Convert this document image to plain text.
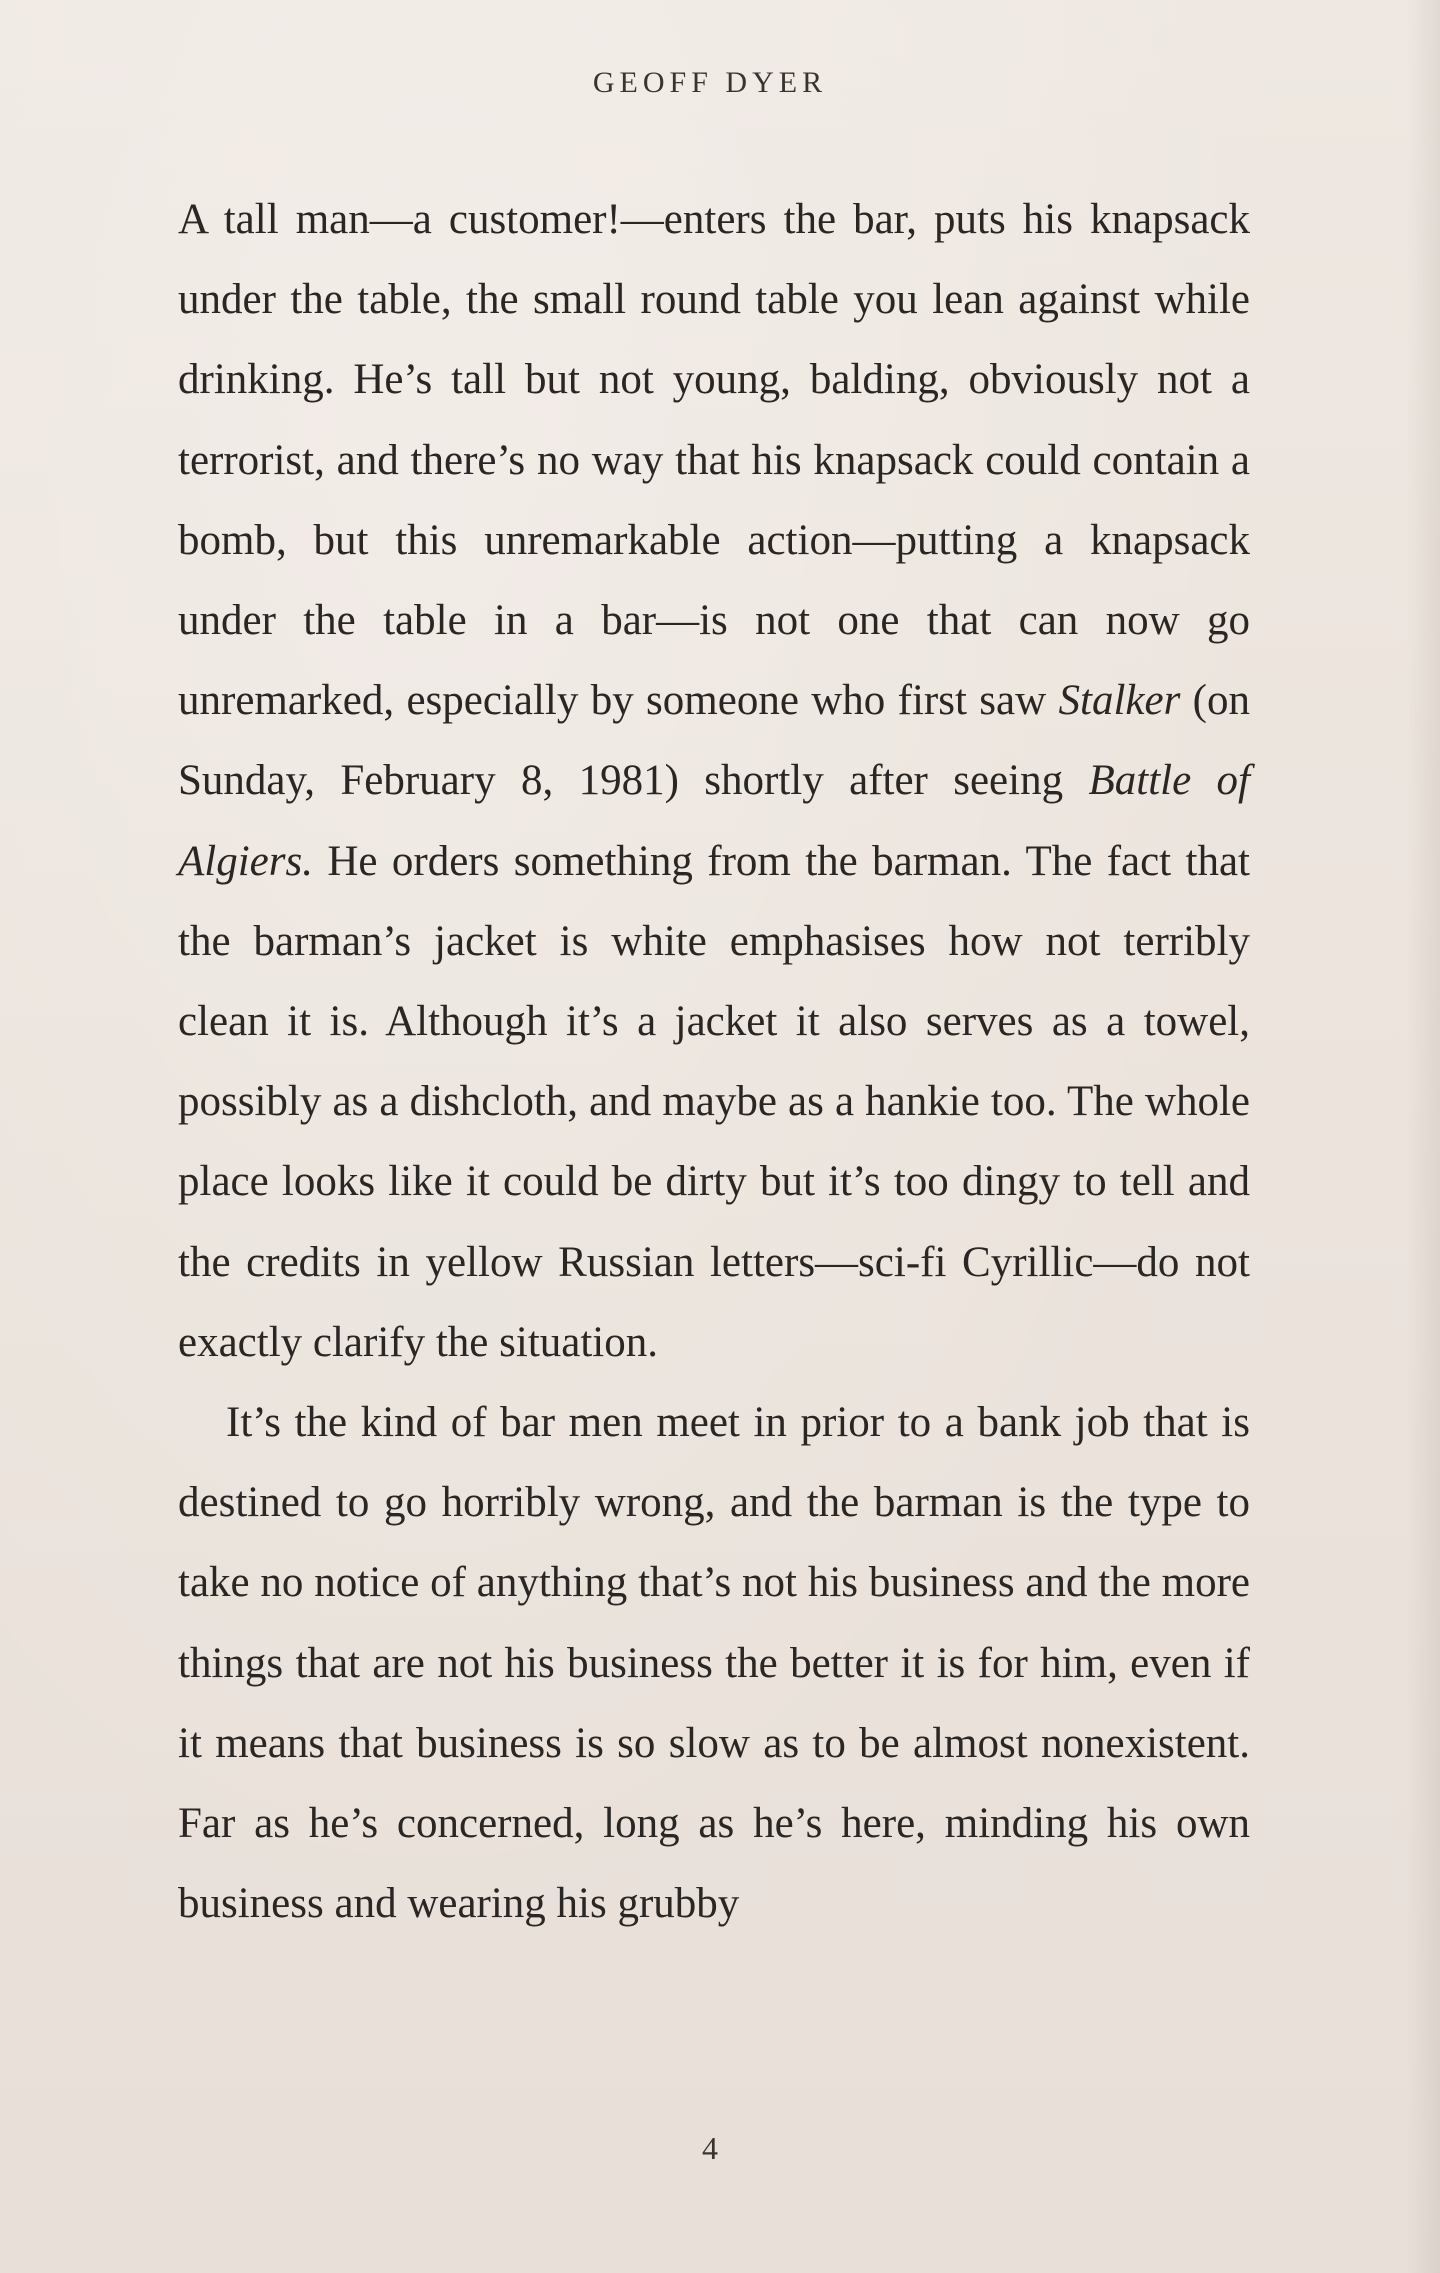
GEOFF DYER

A tall man—a customer!—enters the bar, puts his knapsack under the table, the small round table you lean against while drinking. He’s tall but not young, balding, obviously not a terrorist, and there’s no way that his knapsack could contain a bomb, but this unremarkable action—putting a knapsack under the table in a bar—is not one that can now go unremarked, especially by someone who first saw Stalker (on Sunday, February 8, 1981) shortly after seeing Battle of Algiers. He orders something from the barman. The fact that the barman’s jacket is white emphasises how not terribly clean it is. Although it’s a jacket it also serves as a towel, possibly as a dishcloth, and maybe as a hankie too. The whole place looks like it could be dirty but it’s too dingy to tell and the credits in yellow Russian letters—sci-fi Cyrillic—do not exactly clarify the situation.

It’s the kind of bar men meet in prior to a bank job that is destined to go horribly wrong, and the barman is the type to take no notice of anything that’s not his business and the more things that are not his business the better it is for him, even if it means that business is so slow as to be almost nonexistent. Far as he’s concerned, long as he’s here, minding his own business and wearing his grubby

4
